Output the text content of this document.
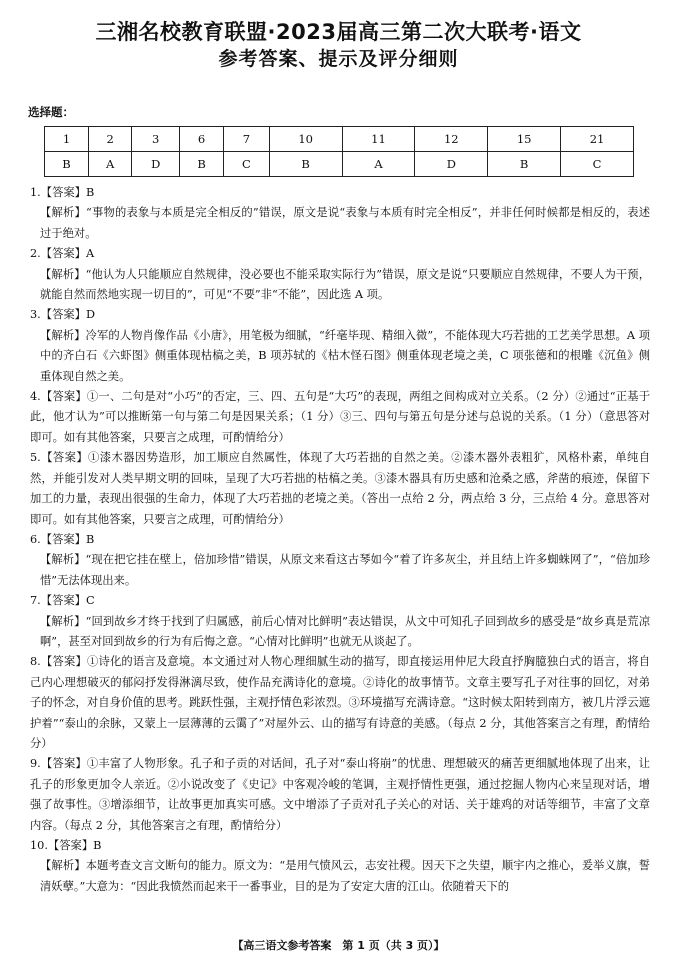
三湘名校教育联盟·2023届高三第二次大联考·语文
参考答案、提示及评分细则
选择题：
1	2	3	6	7	10	11	12	15	21
B	A	D	B	C	B	A	D	B	C
1.【答案】B
【解析】“事物的表象与本质是完全相反的”错误，原文是说“表象与本质有时完全相反”，并非任何时候都是相反的，表述过于绝对。
2.【答案】A
【解析】“他认为人只能顺应自然规律，没必要也不能采取实际行为”错误，原文是说“只要顺应自然规律，不要人为干预，就能自然而然地实现一切目的”，可见“不要”非“不能”，因此选 A 项。
3.【答案】D
【解析】冷军的人物肖像作品《小唐》，用笔极为细腻，“纤毫毕现、精细入微”，不能体现大巧若拙的工艺美学思想。A 项中的齐白石《六虾图》侧重体现枯槁之美，B 项苏轼的《枯木怪石图》侧重体现老境之美，C 项张德和的根雕《沉鱼》侧重体现自然之美。
4.【答案】①一、二句是对“小巧”的否定，三、四、五句是“大巧”的表现，两组之间构成对立关系。（2 分）②通过“正基于此，他才认为”可以推断第一句与第二句是因果关系；（1 分）③三、四句与第五句是分述与总说的关系。（1 分）（意思答对即可。如有其他答案，只要言之成理，可酌情给分）
5.【答案】①漆木器因势造形，加工顺应自然属性，体现了大巧若拙的自然之美。②漆木器外表粗犷，风格朴素，单纯自然，并能引发对人类早期文明的回味，呈现了大巧若拙的枯槁之美。③漆木器具有历史感和沧桑之感，斧凿的痕迹，保留下加工的力量，表现出很强的生命力，体现了大巧若拙的老境之美。（答出一点给 2 分，两点给 3 分，三点给 4 分。意思答对即可。如有其他答案，只要言之成理，可酌情给分）
6.【答案】B
【解析】“现在把它挂在壁上，倍加珍惜”错误，从原文来看这古琴如今“着了许多灰尘，并且结上许多蜘蛛网了”，“倍加珍惜”无法体现出来。
7.【答案】C
【解析】“回到故乡才终于找到了归属感，前后心情对比鲜明”表达错误，从文中可知孔子回到故乡的感受是“故乡真是荒凉啊”，甚至对回到故乡的行为有后悔之意。“心情对比鲜明”也就无从谈起了。
8.【答案】①诗化的语言及意境。本文通过对人物心理细腻生动的描写，即直接运用仲尼大段直抒胸臆独白式的语言，将自己内心理想破灭的郁闷抒发得淋漓尽致，使作品充满诗化的意境。②诗化的故事情节。文章主要写孔子对往事的回忆，对弟子的怀念，对自身价值的思考。跳跃性强，主观抒情色彩浓烈。③环境描写充满诗意。“这时候太阳转到南方，被几片浮云遮护着”“泰山的余脉，又蒙上一层薄薄的云霭了”对屋外云、山的描写有诗意的美感。（每点 2 分，其他答案言之有理，酌情给分）
9.【答案】①丰富了人物形象。孔子和子贡的对话间，孔子对“泰山将崩”的忧患、理想破灭的痛苦更细腻地体现了出来，让孔子的形象更加令人亲近。②小说改变了《史记》中客观冷峻的笔调，主观抒情性更强，通过挖掘人物内心来呈现对话，增强了故事性。③增添细节，让故事更加真实可感。文中增添了子贡对孔子关心的对话、关于雄鸡的对话等细节，丰富了文章内容。（每点 2 分，其他答案言之有理，酌情给分）
10.【答案】B
【解析】本题考查文言文断句的能力。原文为：“是用气愤风云，志安社稷。因天下之失望，顺宇内之推心，爰举义旗，誓清妖孽。”大意为：“因此我愤然而起来干一番事业，目的是为了安定大唐的江山。依随着天下的
【高三语文参考答案　第 1 页（共 3 页）】
